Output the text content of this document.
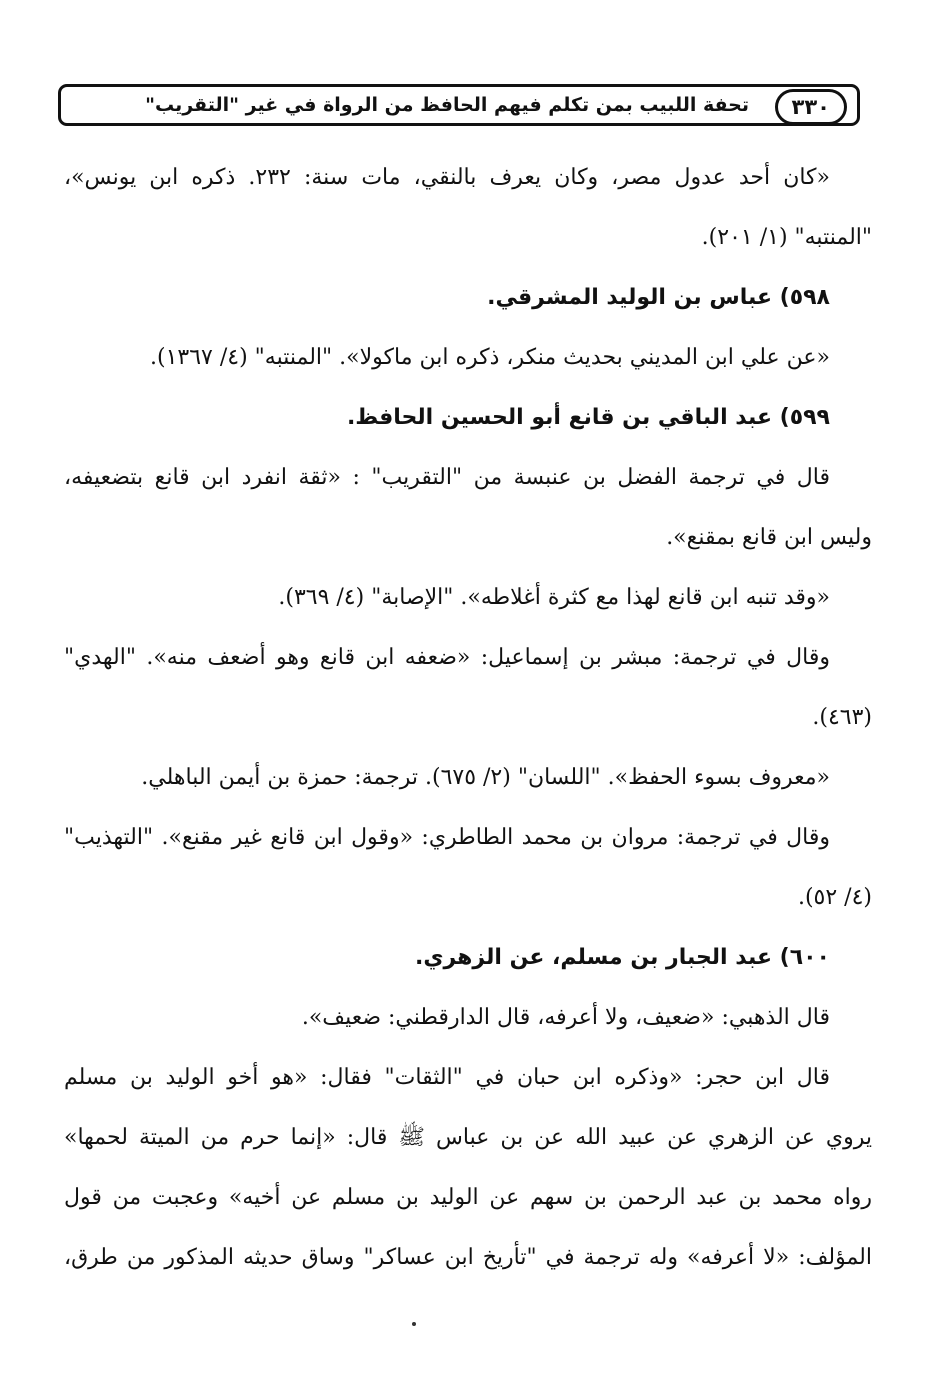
٣٣٠
تحفة اللبيب بمن تكلم فيهم الحافظ من الرواة في غير "التقريب"
«كان أحد عدول مصر، وكان يعرف بالنقي، مات سنة: ٢٣٢. ذكره ابن يونس»،
"المنتبه" (١/ ٢٠١).
٥٩٨) عباس بن الوليد المشرقي.
«عن علي ابن المديني بحديث منكر، ذكره ابن ماكولا». "المنتبه" (٤/ ١٣٦٧).
٥٩٩) عبد الباقي بن قانع أبو الحسين الحافظ.
قال في ترجمة الفضل بن عنبسة من "التقريب" : «ثقة انفرد ابن قانع بتضعيفه،
وليس ابن قانع بمقنع».
«وقد تنبه ابن قانع لهذا مع كثرة أغلاطه». "الإصابة" (٤/ ٣٦٩).
وقال في ترجمة: مبشر بن إسماعيل: «ضعفه ابن قانع وهو أضعف منه». "الهدي"
(٤٦٣).
«معروف بسوء الحفظ». "اللسان" (٢/ ٦٧٥). ترجمة: حمزة بن أيمن الباهلي.
وقال في ترجمة: مروان بن محمد الطاطري: «وقول ابن قانع غير مقنع». "التهذيب"
(٤/ ٥٢).
٦٠٠) عبد الجبار بن مسلم، عن الزهري.
قال الذهبي: «ضعيف، ولا أعرفه، قال الدارقطني: ضعيف».
قال ابن حجر: «وذكره ابن حبان في "الثقات" فقال: «هو أخو الوليد بن مسلم
يروي عن الزهري عن عبيد الله عن بن عباس ﷺ قال: «إنما حرم من الميتة لحمها»
رواه محمد بن عبد الرحمن بن سهم عن الوليد بن مسلم عن أخيه» وعجبت من قول
المؤلف: «لا أعرفه» وله ترجمة في "تأريخ ابن عساكر" وساق حديثه المذكور من طرق،
